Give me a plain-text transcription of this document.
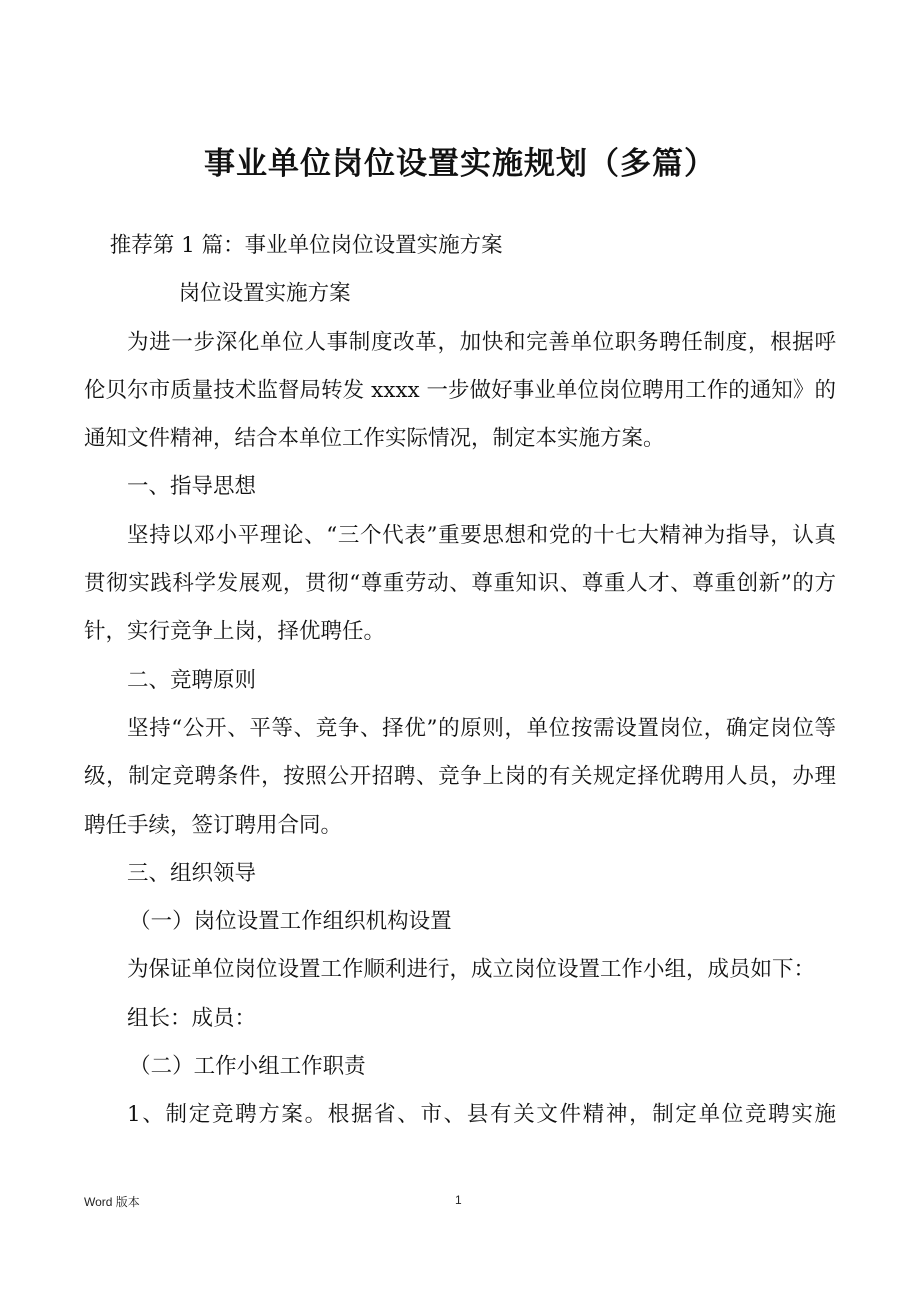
事业单位岗位设置实施规划（多篇）

推荐第 1 篇：事业单位岗位设置实施方案

岗位设置实施方案

为进一步深化单位人事制度改革，加快和完善单位职务聘任制度，根据呼伦贝尔市质量技术监督局转发 xxxx 一步做好事业单位岗位聘用工作的通知》的通知文件精神，结合本单位工作实际情况，制定本实施方案。

一、指导思想

坚持以邓小平理论、“三个代表”重要思想和党的十七大精神为指导，认真贯彻实践科学发展观，贯彻“尊重劳动、尊重知识、尊重人才、尊重创新”的方针，实行竞争上岗，择优聘任。

二、竞聘原则

坚持“公开、平等、竞争、择优”的原则，单位按需设置岗位，确定岗位等级，制定竞聘条件，按照公开招聘、竞争上岗的有关规定择优聘用人员，办理聘任手续，签订聘用合同。

三、组织领导

（一）岗位设置工作组织机构设置

为保证单位岗位设置工作顺利进行，成立岗位设置工作小组，成员如下：

组长：成员：

（二）工作小组工作职责

1、制定竞聘方案。根据省、市、县有关文件精神，制定单位竞聘实施

Word 版本	1
